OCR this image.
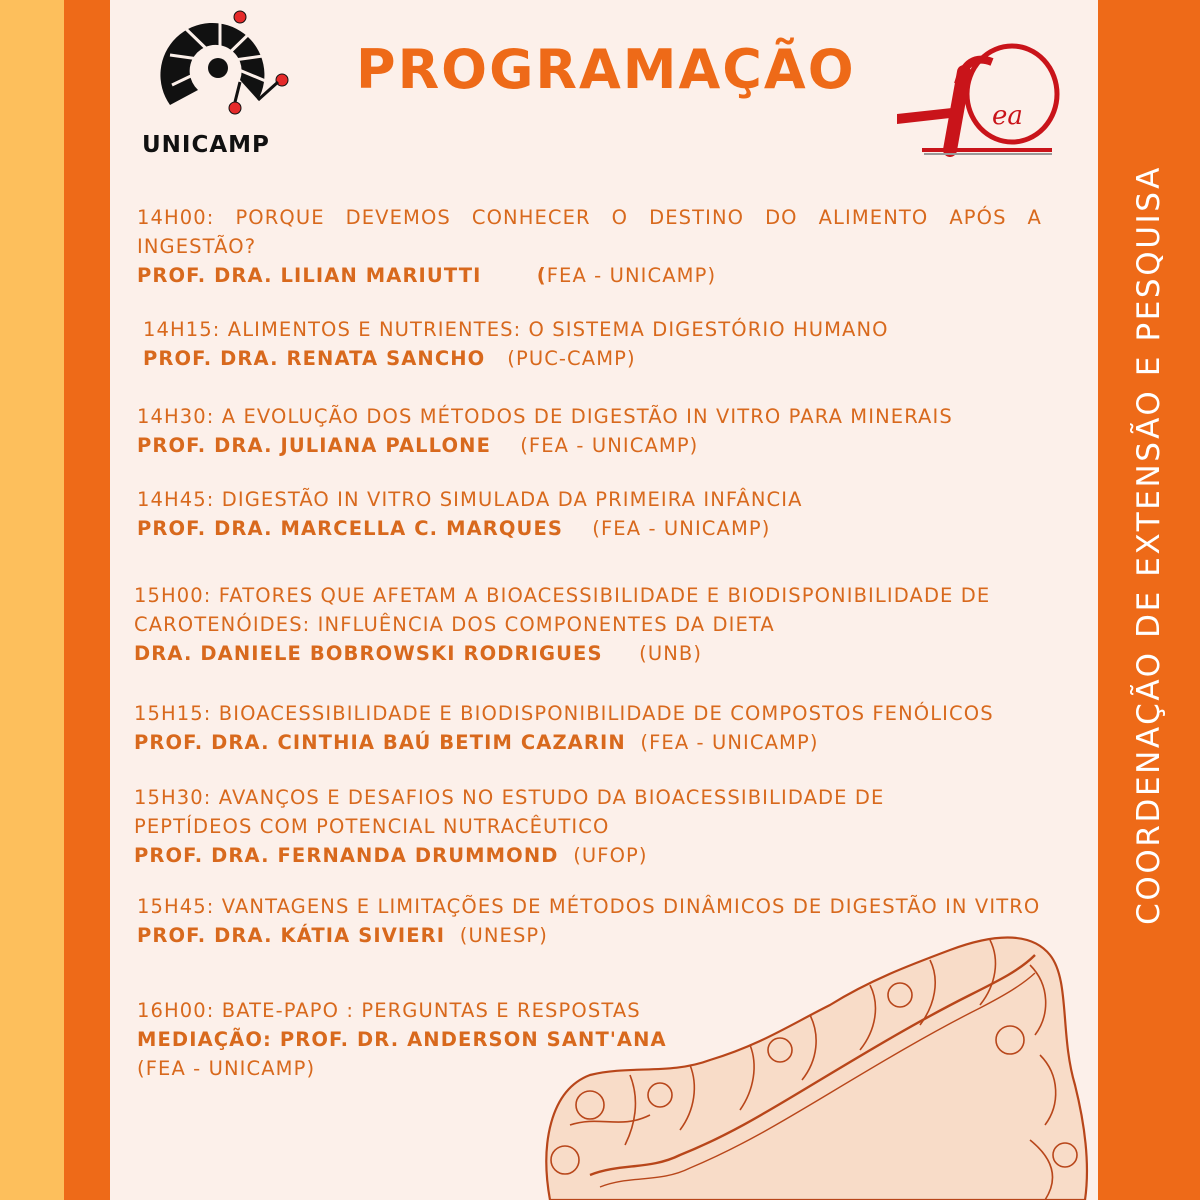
COORDENAÇÃO DE EXTENSÃO E PESQUISA
UNICAMP
PROGRAMAÇÃO
ea
14H00: PORQUE DEVEMOS CONHECER O DESTINO DO ALIMENTO APÓS A INGESTÃO?
PROF. DRA. LILIAN MARIUTTI       (FEA - UNICAMP)
14H15: ALIMENTOS E NUTRIENTES: O SISTEMA DIGESTÓRIO HUMANO
PROF. DRA. RENATA SANCHO (PUC-CAMP)
14H30: A EVOLUÇÃO DOS MÉTODOS DE DIGESTÃO IN VITRO PARA MINERAIS
PROF. DRA. JULIANA PALLONE (FEA - UNICAMP)
14H45: DIGESTÃO IN VITRO SIMULADA DA PRIMEIRA INFÂNCIA
PROF. DRA. MARCELLA C. MARQUES (FEA - UNICAMP)
15H00: FATORES QUE AFETAM A BIOACESSIBILIDADE E BIODISPONIBILIDADE DE CAROTENÓIDES: INFLUÊNCIA DOS COMPONENTES DA DIETA
DRA. DANIELE BOBROWSKI RODRIGUES (UNB)
15H15: BIOACESSIBILIDADE E BIODISPONIBILIDADE DE COMPOSTOS FENÓLICOS
PROF. DRA. CINTHIA BAÚ BETIM CAZARIN (FEA - UNICAMP)
15H30: AVANÇOS E DESAFIOS NO ESTUDO DA BIOACESSIBILIDADE DE PEPTÍDEOS COM POTENCIAL NUTRACÊUTICO
PROF. DRA. FERNANDA DRUMMOND (UFOP)
15H45: VANTAGENS E LIMITAÇÕES DE MÉTODOS DINÂMICOS DE DIGESTÃO IN VITRO
PROF. DRA. KÁTIA SIVIERI (UNESP)
16H00: BATE-PAPO : PERGUNTAS E RESPOSTAS
MEDIAÇÃO: PROF. DR. ANDERSON SANT'ANA
(FEA - UNICAMP)
